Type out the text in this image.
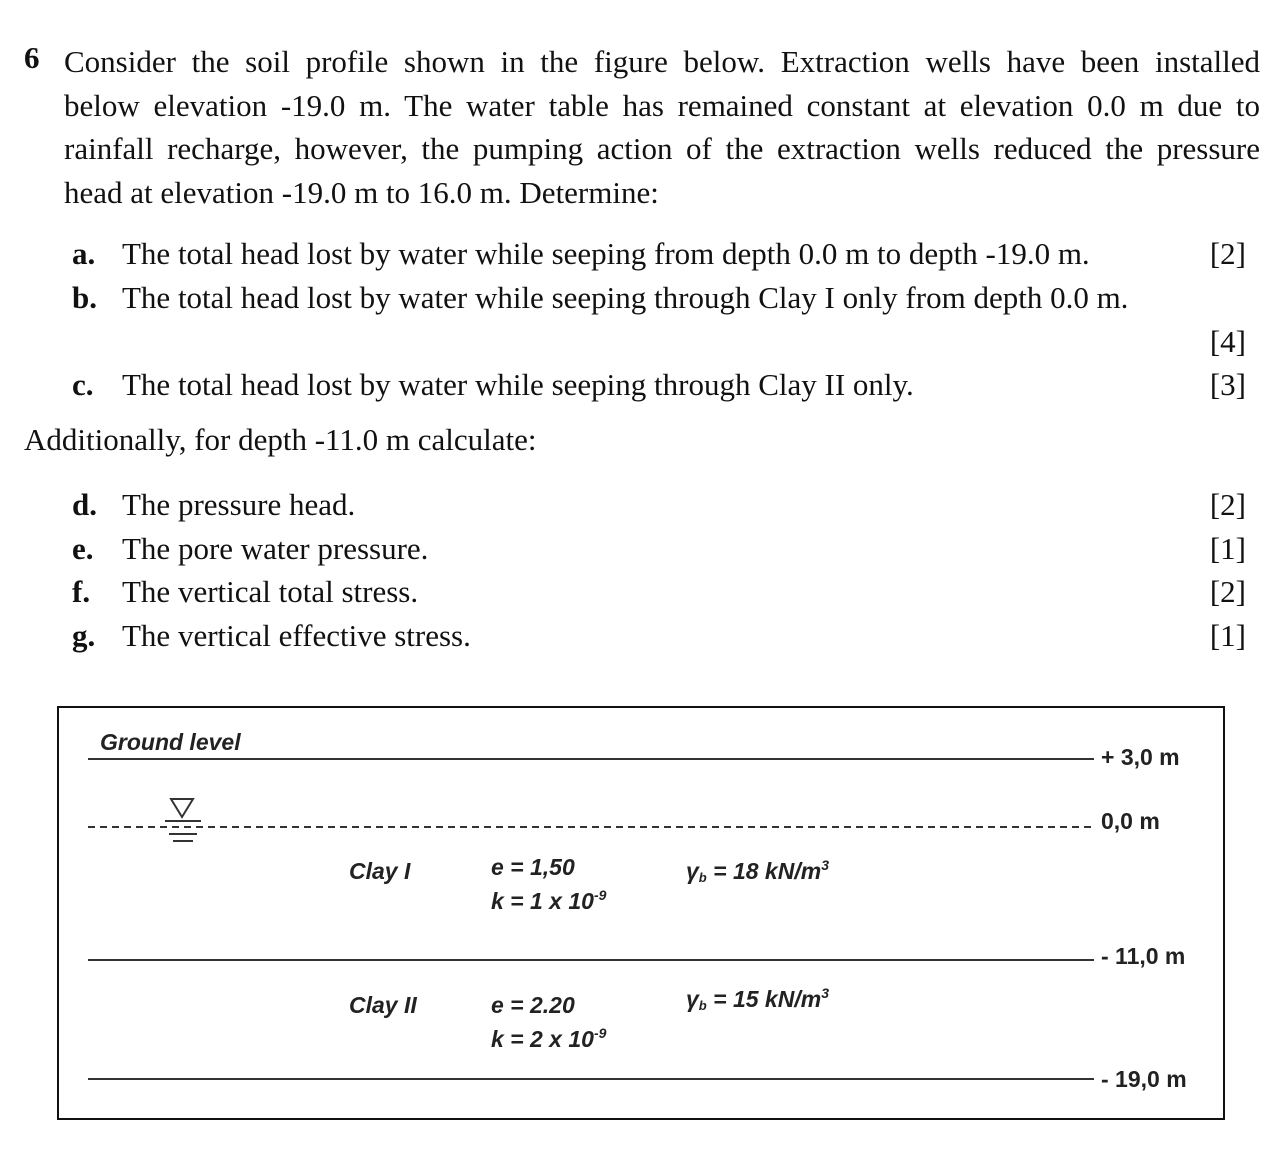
6 Consider the soil profile shown in the figure below. Extraction wells have been installed
below elevation -19.0 m. The water table has remained constant at elevation 0.0 m due to
rainfall recharge, however, the pumping action of the extraction wells reduced the pressure
head at elevation -19.0 m to 16.0 m. Determine:
a. The total head lost by water while seeping from depth 0.0 m to depth -19.0 m.	[2]
b. The total head lost by water while seeping through Clay I only from depth 0.0 m.
[4]
c. The total head lost by water while seeping through Clay II only.	[3]
Additionally, for depth -11.0 m calculate:
d. The pressure head.	[2]
e. The pore water pressure.	[1]
f. The vertical total stress.	[2]
g. The vertical effective stress.	[1]
Ground level
+ 3,0 m
0,0 m
- 11,0 m
- 19,0 m
Clay I	e = 1,50
k = 1 x $10^{-9}$
$\gamma_b = 18$ $kN/m^3$
Clay II	e = 2.20
k = 2 x $10^{-9}$
$\gamma_b = 15$ $kN/m^3$
